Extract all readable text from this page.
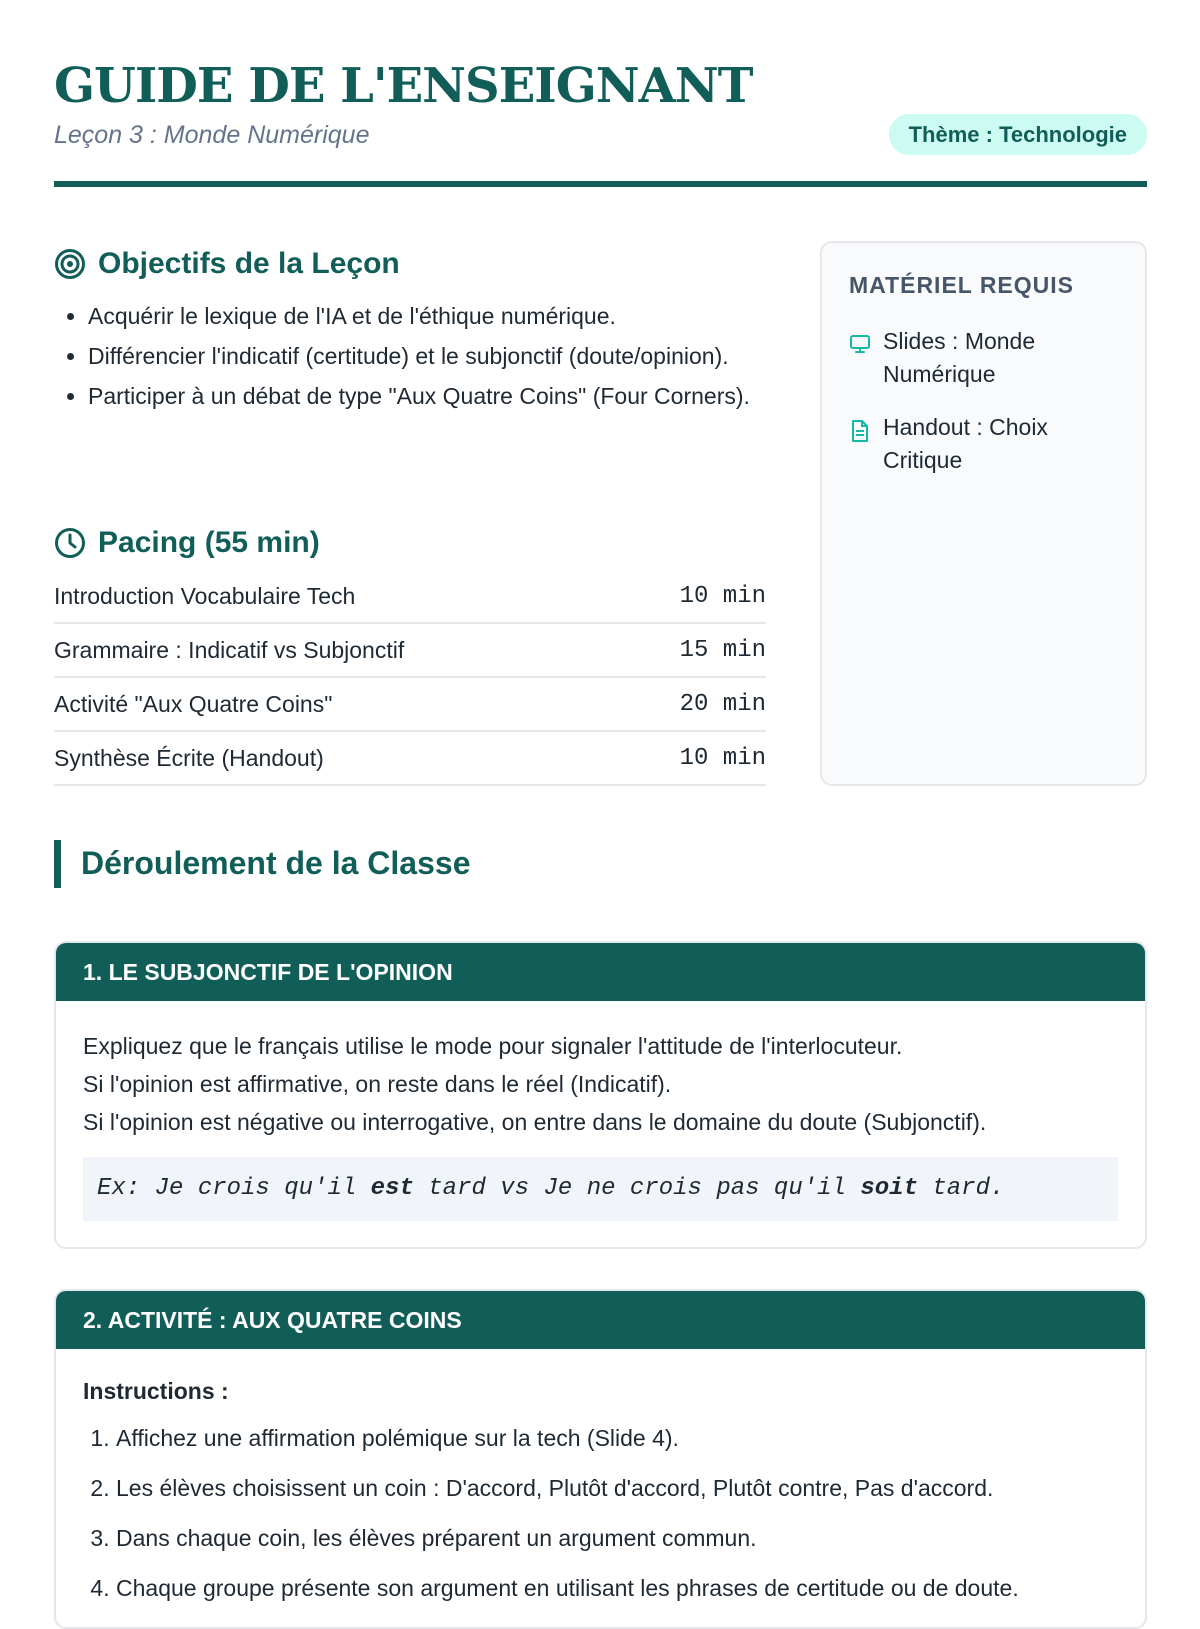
GUIDE DE L'ENSEIGNANT
Leçon 3 : Monde Numérique	Thème : Technologie
Objectifs de la Leçon
• Acquérir le lexique de l'IA et de l'éthique numérique.
• Différencier l'indicatif (certitude) et le subjonctif (doute/opinion).
• Participer à un débat de type "Aux Quatre Coins" (Four Corners).
Pacing (55 min)
Introduction Vocabulaire Tech	10 min
Grammaire : Indicatif vs Subjonctif	15 min
Activité "Aux Quatre Coins"	20 min
Synthèse Écrite (Handout)	10 min
MATÉRIEL REQUIS
Slides : Monde Numérique
Handout : Choix Critique
Déroulement de la Classe
1. LE SUBJONCTIF DE L'OPINION

Expliquez que le français utilise le mode pour signaler l'attitude de l'interlocuteur.

Si l'opinion est affirmative, on reste dans le réel (Indicatif).

Si l'opinion est négative ou interrogative, on entre dans le domaine du doute (Subjonctif).

Ex: Je crois qu'il est tard vs Je ne crois pas qu'il soit tard.
2. ACTIVITÉ : AUX QUATRE COINS
Instructions :
1. Affichez une affirmation polémique sur la tech (Slide 4).
2. Les élèves choisissent un coin : D'accord, Plutôt d'accord, Plutôt contre, Pas d'accord.
3. Dans chaque coin, les élèves préparent un argument commun.
4. Chaque groupe présente son argument en utilisant les phrases de certitude ou de doute.
